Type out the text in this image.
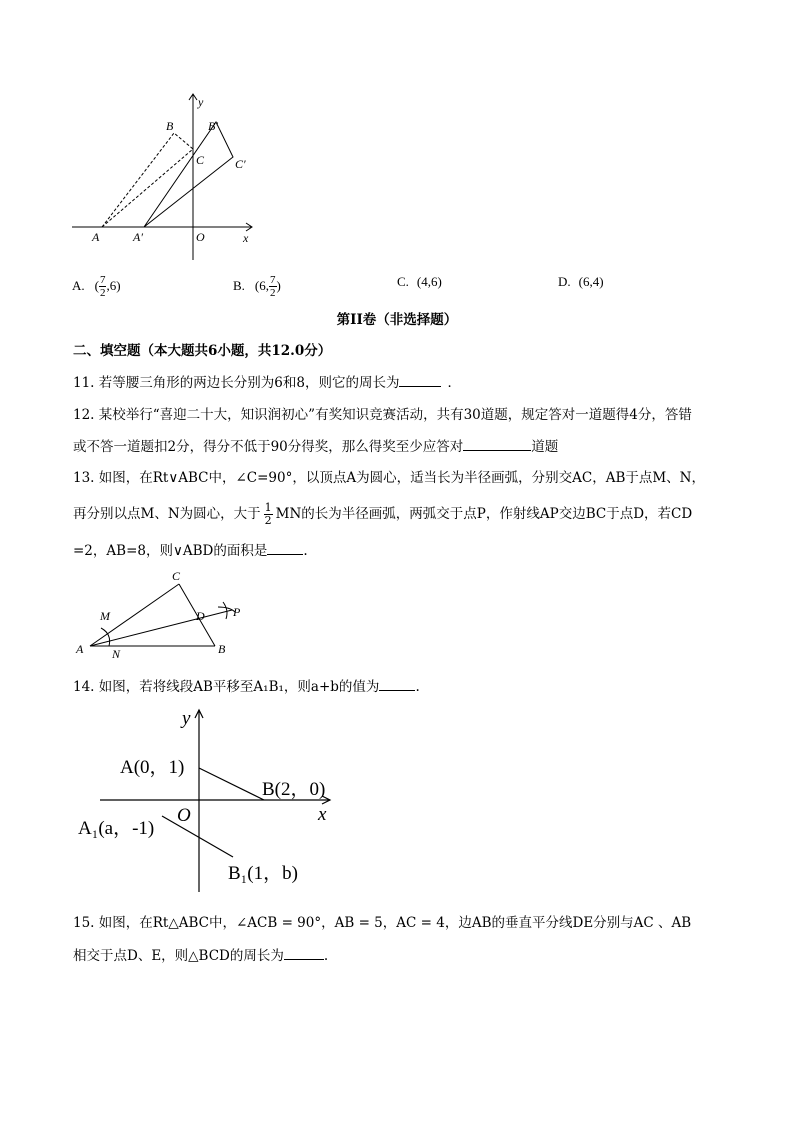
y
x
O
A	A′
B	B′
C	C′
A. ( $\frac{7}{2} ,6$)	B. (6, $\frac{7}{2}$ )	C. (4,6)	D. (6,4)
第II卷（非选择题）
二、填空题（本大题共6小题，共12.0分）
11. 若等腰三角形的两边长分别为6和8，则它的周长为	．
12. 某校举行“喜迎二十大，知识润初心”有奖知识竞赛活动，共有30道题，规定答对一道题得4分，答错
或不答一道题扣2分，得分不低于90分得奖，那么得奖至少应答对	道题
13. 如图，在Rt∨ABC中，∠C=90°，以顶点A为圆心，适当长为半径画弧，分别交AC，AB于点M、N，
再分别以点M、N为圆心，大于 $\frac{1}{2}$ MN的长为半径画弧，两弧交于点P，作射线AP交边BC于点D，若CD
=2，AB=8，则∨ABD的面积是	.
C
D P
M
A N	B
14. 如图，若将线段AB平移至A₁B₁，则a+b的值为	.
y
x
O
A(0，1)
B(2，0)
A₁(a，-1)
B₁(1，b)
15. 如图，在Rt△ABC中，∠ACB = 90°，AB = 5，AC = 4，边AB的垂直平分线DE分别与AC 、AB
相交于点D、E，则△BCD的周长为	.
